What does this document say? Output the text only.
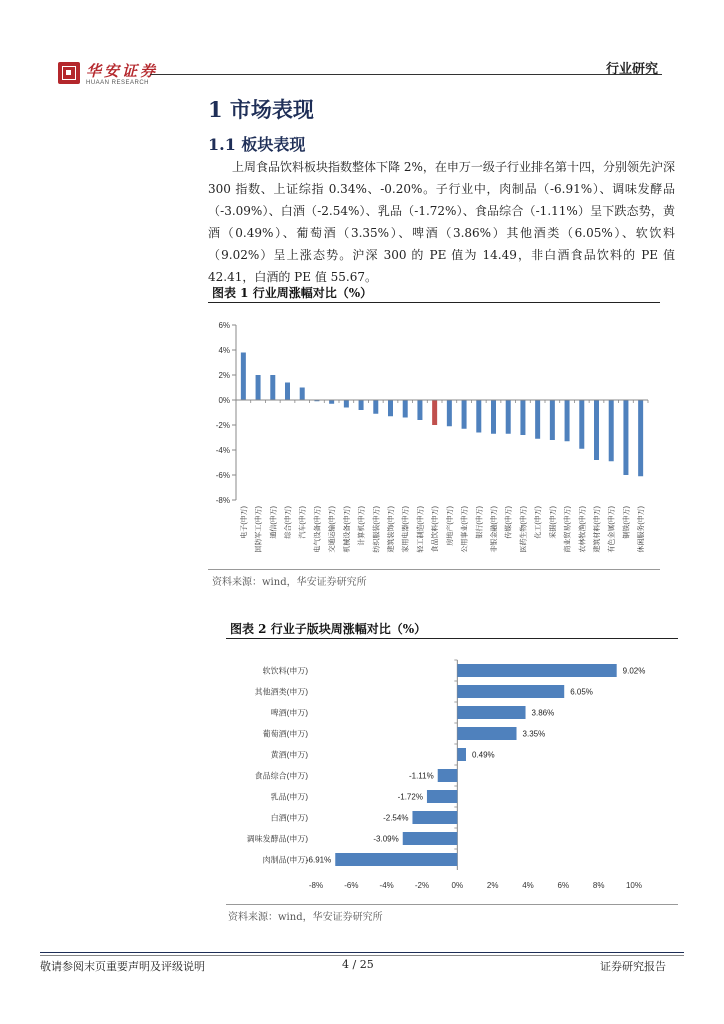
华安证券
HUAAN RESEARCH
行业研究
1 市场表现
1.1 板块表现
上周食品饮料板块指数整体下降 2%，在申万一级子行业排名第十四，分别领先沪深 300 指数、上证综指 0.34%、-0.20%。子行业中，肉制品（-6.91%）、调味发酵品（-3.09%）、白酒（-2.54%）、乳品（-1.72%）、食品综合（-1.11%）呈下跌态势，黄酒（0.49%）、葡萄酒（3.35%）、啤酒（3.86%）其他酒类（6.05%）、软饮料（9.02%）呈上涨态势。沪深 300 的 PE 值为 14.49，非白酒食品饮料的 PE 值 42.41，白酒的 PE 值 55.67。
图表 1 行业周涨幅对比（%）
6%
4%
2%
0%
-2%
-4%
-6%
-8%
电子(申万) 国防军工(申万) 通信(申万) 综合(申万) 汽车(申万) 电气设备(申万) 交通运输(申万) 机械设备(申万) 计算机(申万) 纺织服装(申万) 建筑装饰(申万) 家用电器(申万) 轻工制造(申万) 食品饮料(申万) 房地产(申万) 公用事业(申万) 银行(申万) 非银金融(申万) 传媒(申万) 医药生物(申万) 化工(申万) 采掘(申万) 商业贸易(申万) 农林牧渔(申万) 建筑材料(申万) 有色金属(申万) 钢铁(申万) 休闲服务(申万)
资料来源：wind，华安证券研究所
图表 2 行业子版块周涨幅对比（%）
软饮料(申万)	9.02%
其他酒类(申万)	6.05%
啤酒(申万)	3.86%
葡萄酒(申万)	3.35%
黄酒(申万)	0.49%
食品综合(申万)	-1.11%
乳品(申万)	-1.72%
白酒(申万)	-2.54%
调味发酵品(申万)	-3.09%
肉制品(申万)
-6.91%
-8%	-6%	-4%	-2%	0%	2%	4%	6%	8%	10%
资料来源：wind，华安证券研究所
敬请参阅末页重要声明及评级说明	4 / 25	证券研究报告
